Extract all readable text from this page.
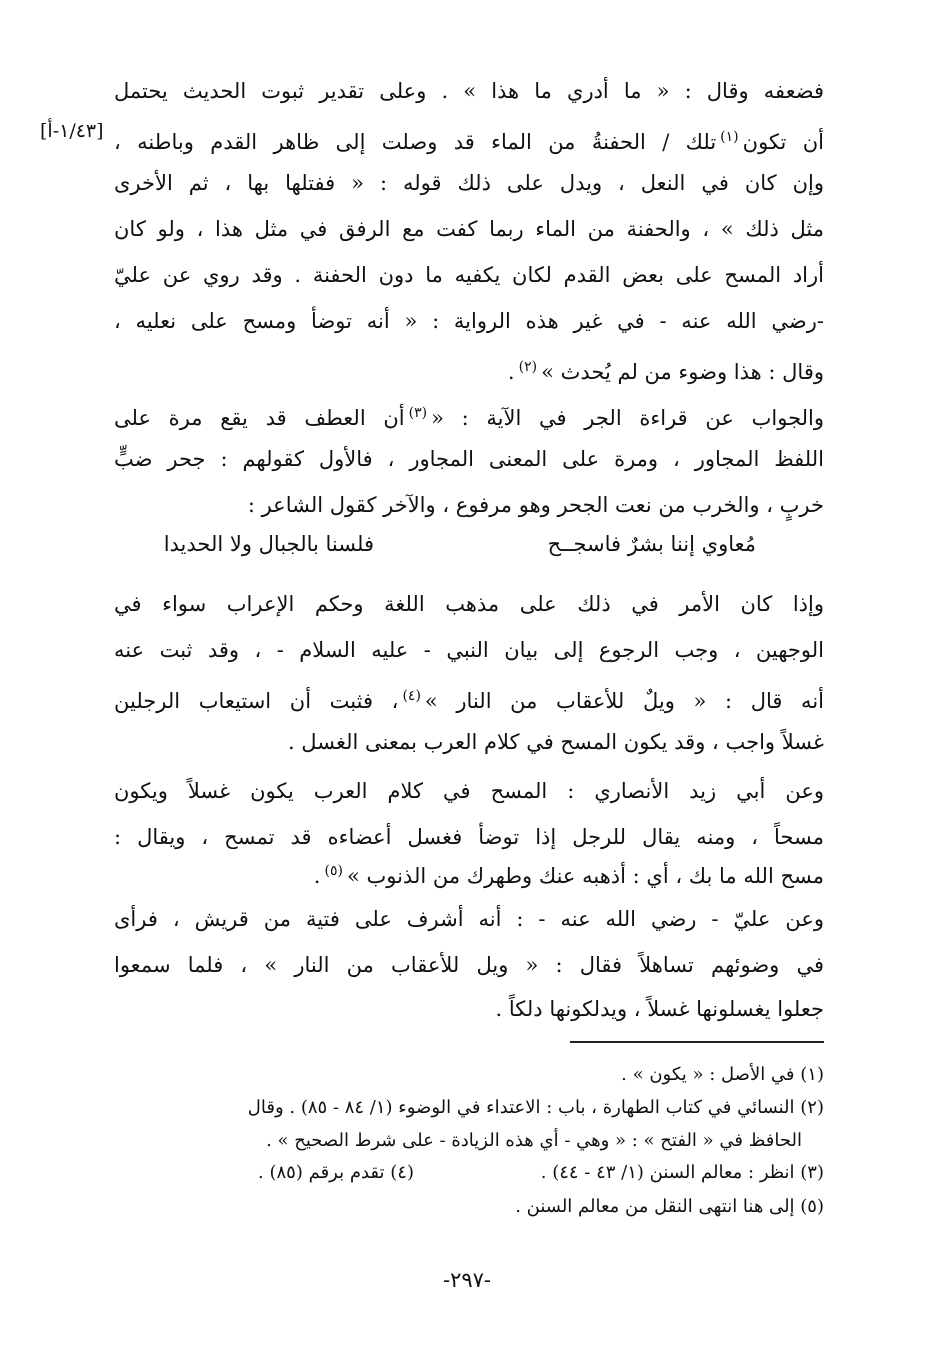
[١/٤٣-أ]
فضعفه وقال : « ما أدري ما هذا » . وعلى تقدير ثبوت الحديث يحتمل
أن تكون$^{(١)}$تلك / الحفنةُ من الماء قد وصلت إلى ظاهر القدم وباطنه ،
وإن كان في النعل ، ويدل على ذلك قوله : « ففتلها بها ، ثم الأخرى
مثل ذلك » ، والحفنة من الماء ربما كفت مع الرفق في مثل هذا ، ولو كان
أراد المسح على بعض القدم لكان يكفيه ما دون الحفنة . وقد روي عن عليّ
-رضي الله عنه - في غير هذه الرواية : « أنه توضأ ومسح على نعليه ،
وقال : هذا وضوء من لم يُحدث »$^{(٢)}$.
والجواب عن قراءة الجر في الآية : «$^{(٣)}$أن العطف قد يقع مرة على
اللفظ المجاور ، ومرة على المعنى المجاور ، فالأول كقولهم : جحر ضبٍّ
خربٍ ، والخرب من نعت الجحر وهو مرفوع ، والآخر كقول الشاعر :
مُعاوي إننا بشرٌ فاسجــح
فلسنا بالجبال ولا الحديدا
وإذا كان الأمر في ذلك على مذهب اللغة وحكم الإعراب سواء في
الوجهين ، وجب الرجوع إلى بيان النبي - عليه السلام - ، وقد ثبت عنه
أنه قال : « ويلٌ للأعقاب من النار »$^{(٤)}$، فثبت أن استيعاب الرجلين
غسلاً واجب ، وقد يكون المسح في كلام العرب بمعنى الغسل .
وعن أبي زيد الأنصاري : المسح في كلام العرب يكون غسلاً ويكون
مسحاً ، ومنه يقال للرجل إذا توضأ فغسل أعضاءه قد تمسح ، ويقال :
مسح الله ما بك ، أي : أذهبه عنك وطهرك من الذنوب »$^{(٥)}$.
وعن عليّ - رضي الله عنه - : أنه أشرف على فتية من قريش ، فرأى
في وضوئهم تساهلاً فقال : « ويل للأعقاب من النار » ، فلما سمعوا
جعلوا يغسلونها غسلاً ، ويدلكونها دلكاً .
(١) في الأصل : « يكون » .
(٢) النسائي في كتاب الطهارة ، باب : الاعتداء في الوضوء (١/ ٨٤ - ٨٥) . وقال
الحافظ في « الفتح » : « وهي - أي هذه الزيادة - على شرط الصحيح » .
(٣) انظر : معالم السنن (١/ ٤٣ - ٤٤) .
(٤) تقدم برقم (٨٥) .
(٥) إلى هنا انتهى النقل من معالم السنن .
-٢٩٧-
